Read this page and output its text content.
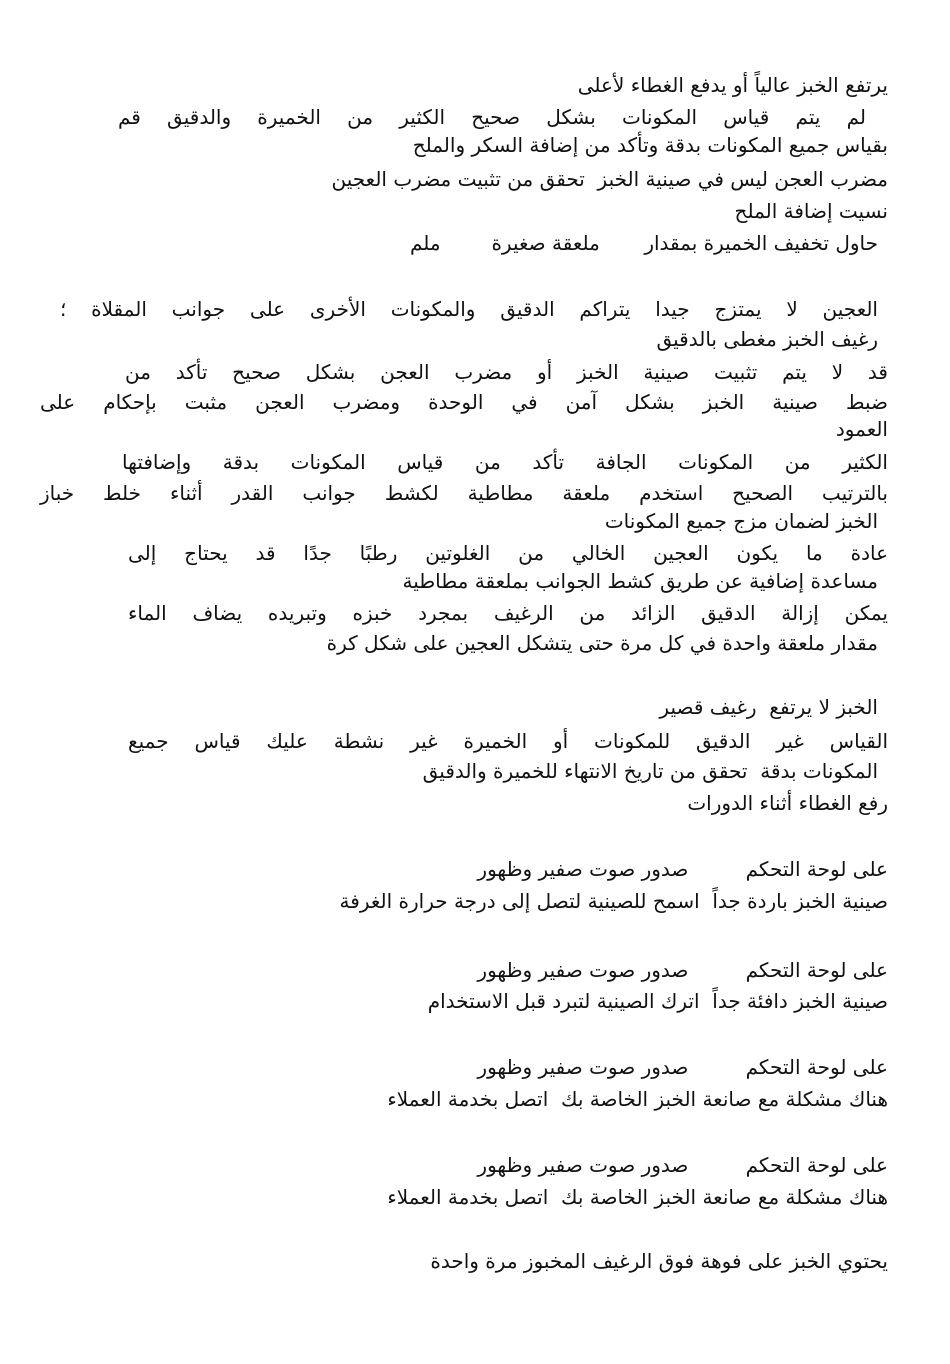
يرتفع الخبز عالياً أو يدفع الغطاء لأعلى
لم يتم قياس المكونات بشكل صحيح الكثير من الخميرة والدقيق قم
بقياس جميع المكونات بدقة وتأكد من إضافة السكر والملح
مضرب العجن ليس في صينية الخبز  تحقق من تثبيت مضرب العجين
نسيت إضافة الملح
حاول تخفيف الخميرة بمقدار       ملعقة صغيرة        ملم
العجين لا يمتزج جيدا يتراكم الدقيق والمكونات الأخرى على جوانب المقلاة ؛
رغيف الخبز مغطى بالدقيق
قد لا يتم تثبيت صينية الخبز أو مضرب العجن بشكل صحيح تأكد من
ضبط صينية الخبز بشكل آمن في الوحدة ومضرب العجن مثبت بإحكام على
العمود
الكثير من المكونات الجافة تأكد من قياس المكونات بدقة وإضافتها
بالترتيب الصحيح استخدم ملعقة مطاطية لكشط جوانب القدر أثناء خلط خباز
الخبز لضمان مزج جميع المكونات
عادة ما يكون العجين الخالي من الغلوتين رطبًا جدًا قد يحتاج إلى
مساعدة إضافية عن طريق كشط الجوانب بملعقة مطاطية
يمكن إزالة الدقيق الزائد من الرغيف بمجرد خبزه وتبريده يضاف الماء
مقدار ملعقة واحدة في كل مرة حتى يتشكل العجين على شكل كرة
الخبز لا يرتفع  رغيف قصير
القياس غير الدقيق للمكونات أو الخميرة غير نشطة عليك قياس جميع
المكونات بدقة  تحقق من تاريخ الانتهاء للخميرة والدقيق
رفع الغطاء أثناء الدورات
على لوحة التحكم         صدور صوت صفير وظهور
صينية الخبز باردة جداً  اسمح للصينية لتصل إلى درجة حرارة الغرفة
على لوحة التحكم         صدور صوت صفير وظهور
صينية الخبز دافئة جداً  اترك الصينية لتبرد قبل الاستخدام
على لوحة التحكم         صدور صوت صفير وظهور
هناك مشكلة مع صانعة الخبز الخاصة بك  اتصل بخدمة العملاء
على لوحة التحكم         صدور صوت صفير وظهور
هناك مشكلة مع صانعة الخبز الخاصة بك  اتصل بخدمة العملاء
يحتوي الخبز على فوهة فوق الرغيف المخبوز مرة واحدة
